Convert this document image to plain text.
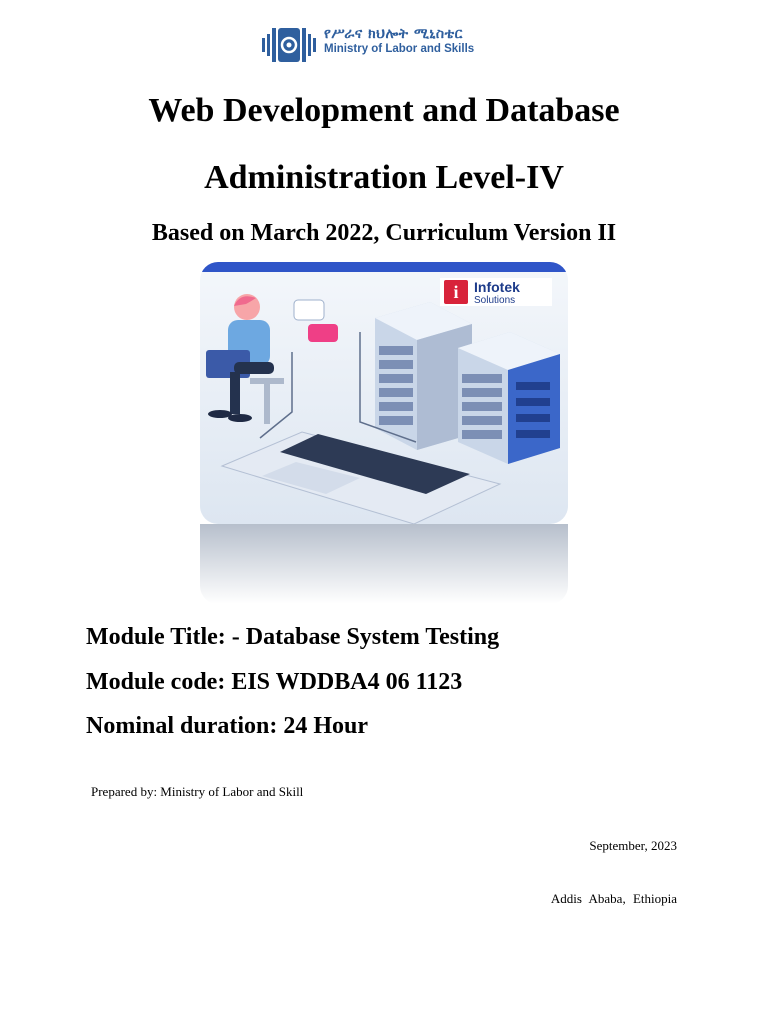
የሥራና ክህሎት ሚኒስቴር
Ministry of Labor and Skills
Web Development and Database
Administration Level-IV
Based on March 2022, Curriculum Version II
i Infotek
Solutions
Module Title: - Database System Testing
Module code: EIS WDDBA4 06 1123
Nominal duration: 24 Hour
Prepared by: Ministry of Labor and Skill
September, 2023
Addis Ababa, Ethiopia
